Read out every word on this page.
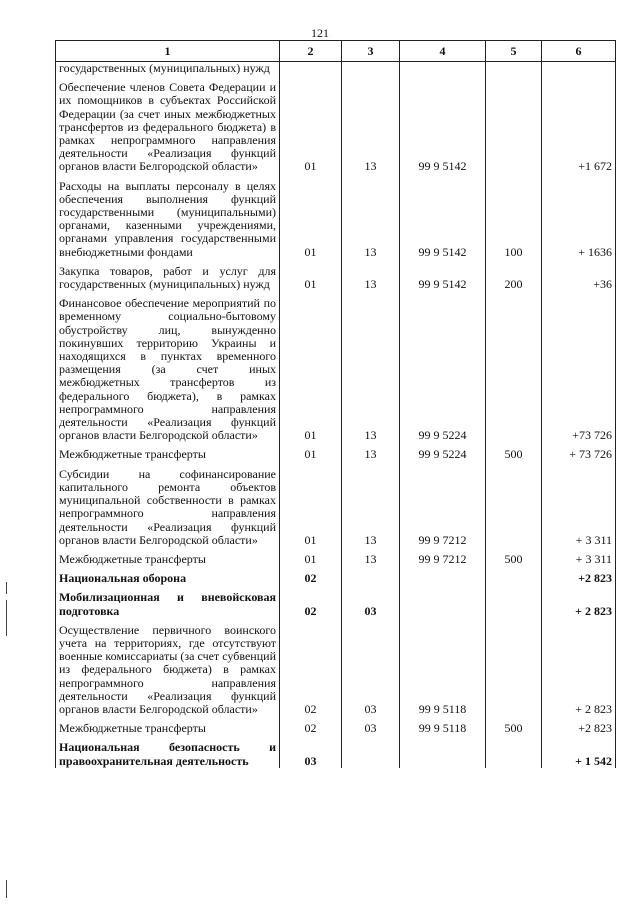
121
1	2	3	4	5	6
государственных (муниципальных) нужд					
Обеспечение членов Совета Федерации и их помощников в субъектах Российской Федерации (за счет иных межбюджетных трансфертов из федерального бюджета) в рамках непрограммного направления деятельности «Реализация функций органов власти Белгородской области»	01	13	99 9 5142		+1 672
Расходы на выплаты персоналу в целях обеспечения выполнения функций государственными (муниципальными) органами, казенными учреждениями, органами управления государственными внебюджетными фондами	01	13	99 9 5142	100	+ 1636
Закупка товаров, работ и услуг для государственных (муниципальных) нужд	01	13	99 9 5142	200	+36
Финансовое обеспечение мероприятий по временному социально-бытовому обустройству лиц, вынужденно покинувших территорию Украины и находящихся в пунктах временного размещения (за счет иных межбюджетных трансфертов из федерального бюджета), в рамках непрограммного направления деятельности «Реализация функций органов власти Белгородской области»	01	13	99 9 5224		+73 726
Межбюджетные трансферты	01	13	99 9 5224	500	+ 73 726
Субсидии на софинансирование капитального ремонта объектов муниципальной собственности в рамках непрограммного направления деятельности «Реализация функций органов власти Белгородской области»	01	13	99 9 7212		+ 3 311
Межбюджетные трансферты	01	13	99 9 7212	500	+ 3 311
Национальная оборона	02				+2 823
Мобилизационная и вневойсковая подготовка	02	03			+ 2 823
Осуществление первичного воинского учета на территориях, где отсутствуют военные комиссариаты (за счет субвенций из федерального бюджета) в рамках непрограммного направления деятельности «Реализация функций органов власти Белгородской области»	02	03	99 9 5118		+ 2 823
Межбюджетные трансферты	02	03	99 9 5118	500	+2 823
Национальная безопасность и правоохранительная деятельность	03				+ 1 542
